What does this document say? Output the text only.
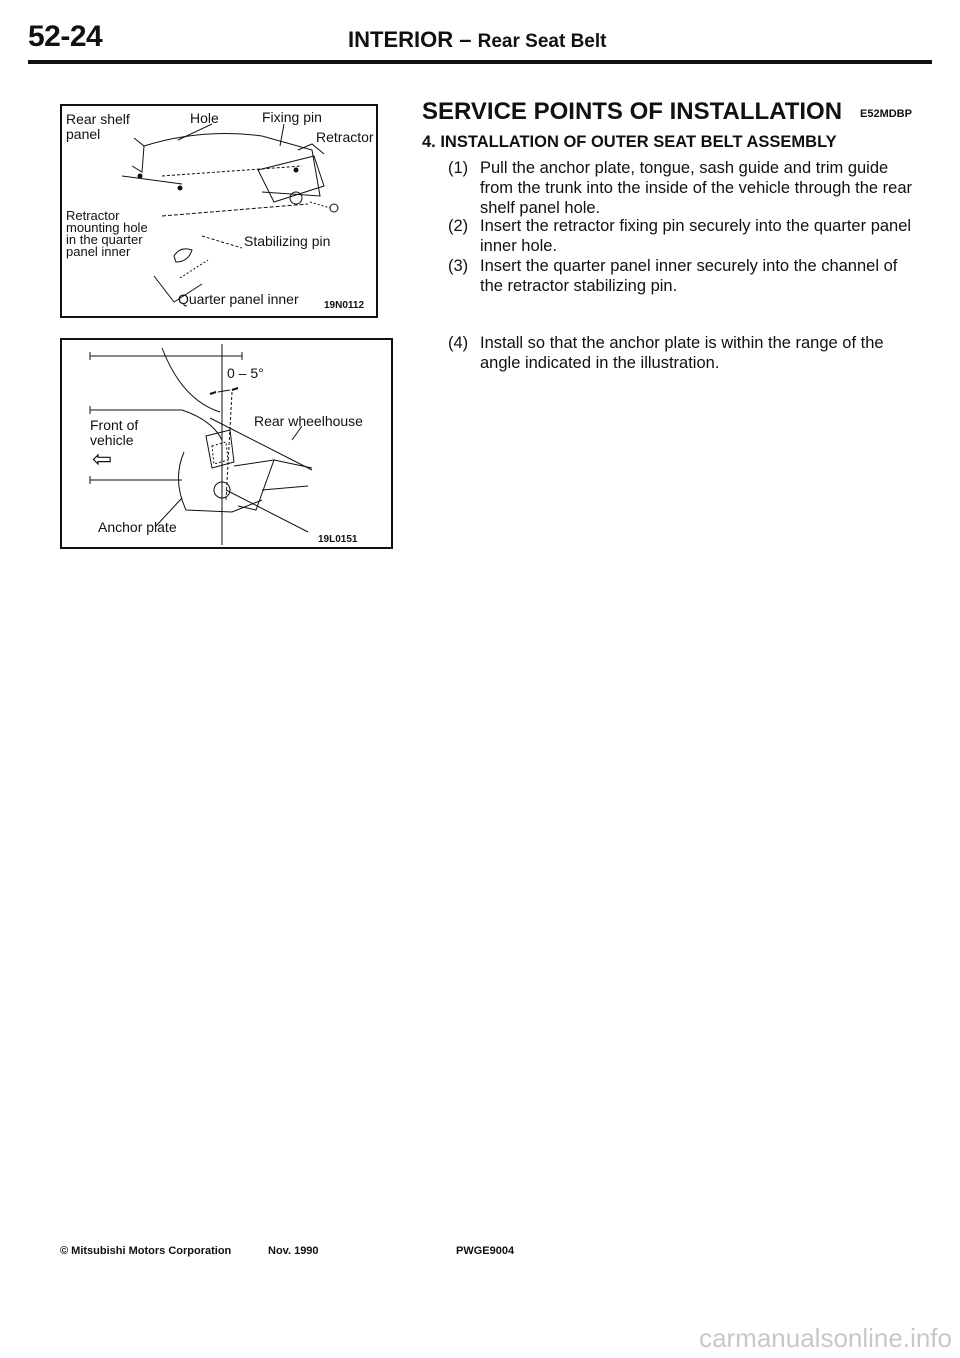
52-24	INTERIOR – Rear Seat Belt
Rear shelf
panel
Hole	Fixing pin
Retractor
Retractor
mounting hole
in the quarter
panel inner
Stabilizing pin
Quarter panel inner	19N0112
0 – 5°
Front of
vehicle
⇦
Rear wheelhouse
Anchor plate
19L0151
SERVICE POINTS OF INSTALLATION E52MDBP
4. INSTALLATION OF OUTER SEAT BELT ASSEMBLY
(1) Pull the anchor plate, tongue, sash guide and trim guide from the trunk into the inside of the vehicle through the rear shelf panel hole.
(2) Insert the retractor fixing pin securely into the quarter panel inner hole.
(3) Insert the quarter panel inner securely into the channel of the retractor stabilizing pin.
(4) Install so that the anchor plate is within the range of the angle indicated in the illustration.
© Mitsubishi Motors Corporation	Nov. 1990	PWGE9004
carmanualsonline.info
